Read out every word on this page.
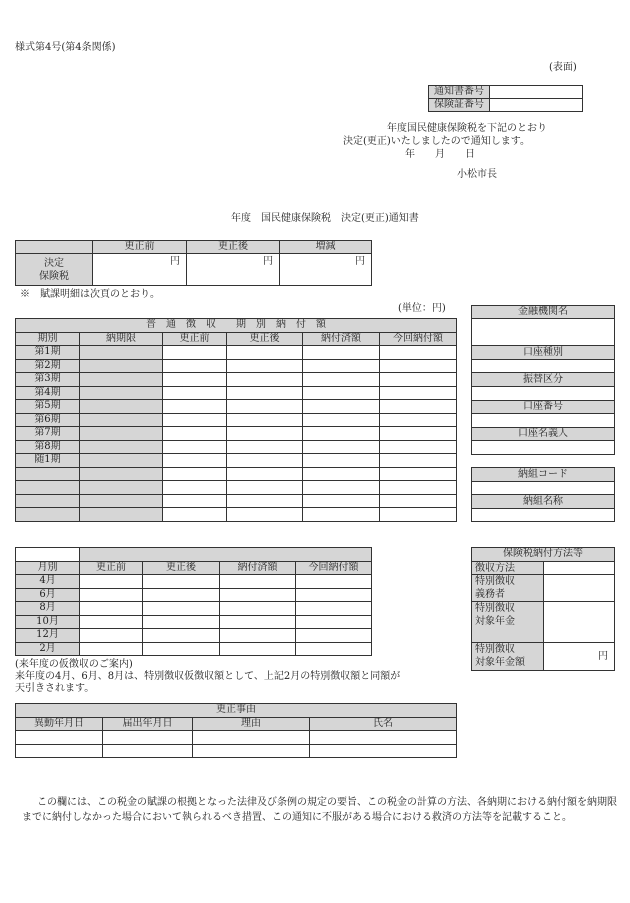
様式第4号(第4条関係)
(表面)
通知書番号
保険証番号
年度国民健康保険税を下記のとおり
決定(更正)いたしましたので通知します。
年　　月　　日
小松市長
年度　国民健康保険税　決定(更正)通知書
更正前	更正後	増減
決定
保険税
円	円	円
※　賦課明細は次頁のとおり。
(単位：円)
普　通　徴　収　　期　別　納　付　額
期別	納期限	更正前	更正後	納付済額	今回納付額
第1期
第2期
第3期
第4期
第5期
第6期
第7期
第8期
随1期
金融機関名
口座種別
振替区分
口座番号
口座名義人
納組コード
納組名称
月別	更正前	更正後	納付済額	今回納付額
4月
6月
8月
10月
12月
2月
保険税納付方法等
徴収方法
特別徴収
義務者
特別徴収
対象年金
特別徴収
対象年金額
円
(来年度の仮徴収のご案内)
来年度の4月、6月、8月は、特別徴収仮徴収額として、上記2月の特別徴収額と同額が
天引きされます。
更正事由
異動年月日	届出年月日	理由	氏名
この欄には、この税金の賦課の根拠となった法律及び条例の規定の要旨、この税金の計算の方法、各納期における納付額を納期限
までに納付しなかった場合において執られるべき措置、この通知に不服がある場合における救済の方法等を記載すること。
